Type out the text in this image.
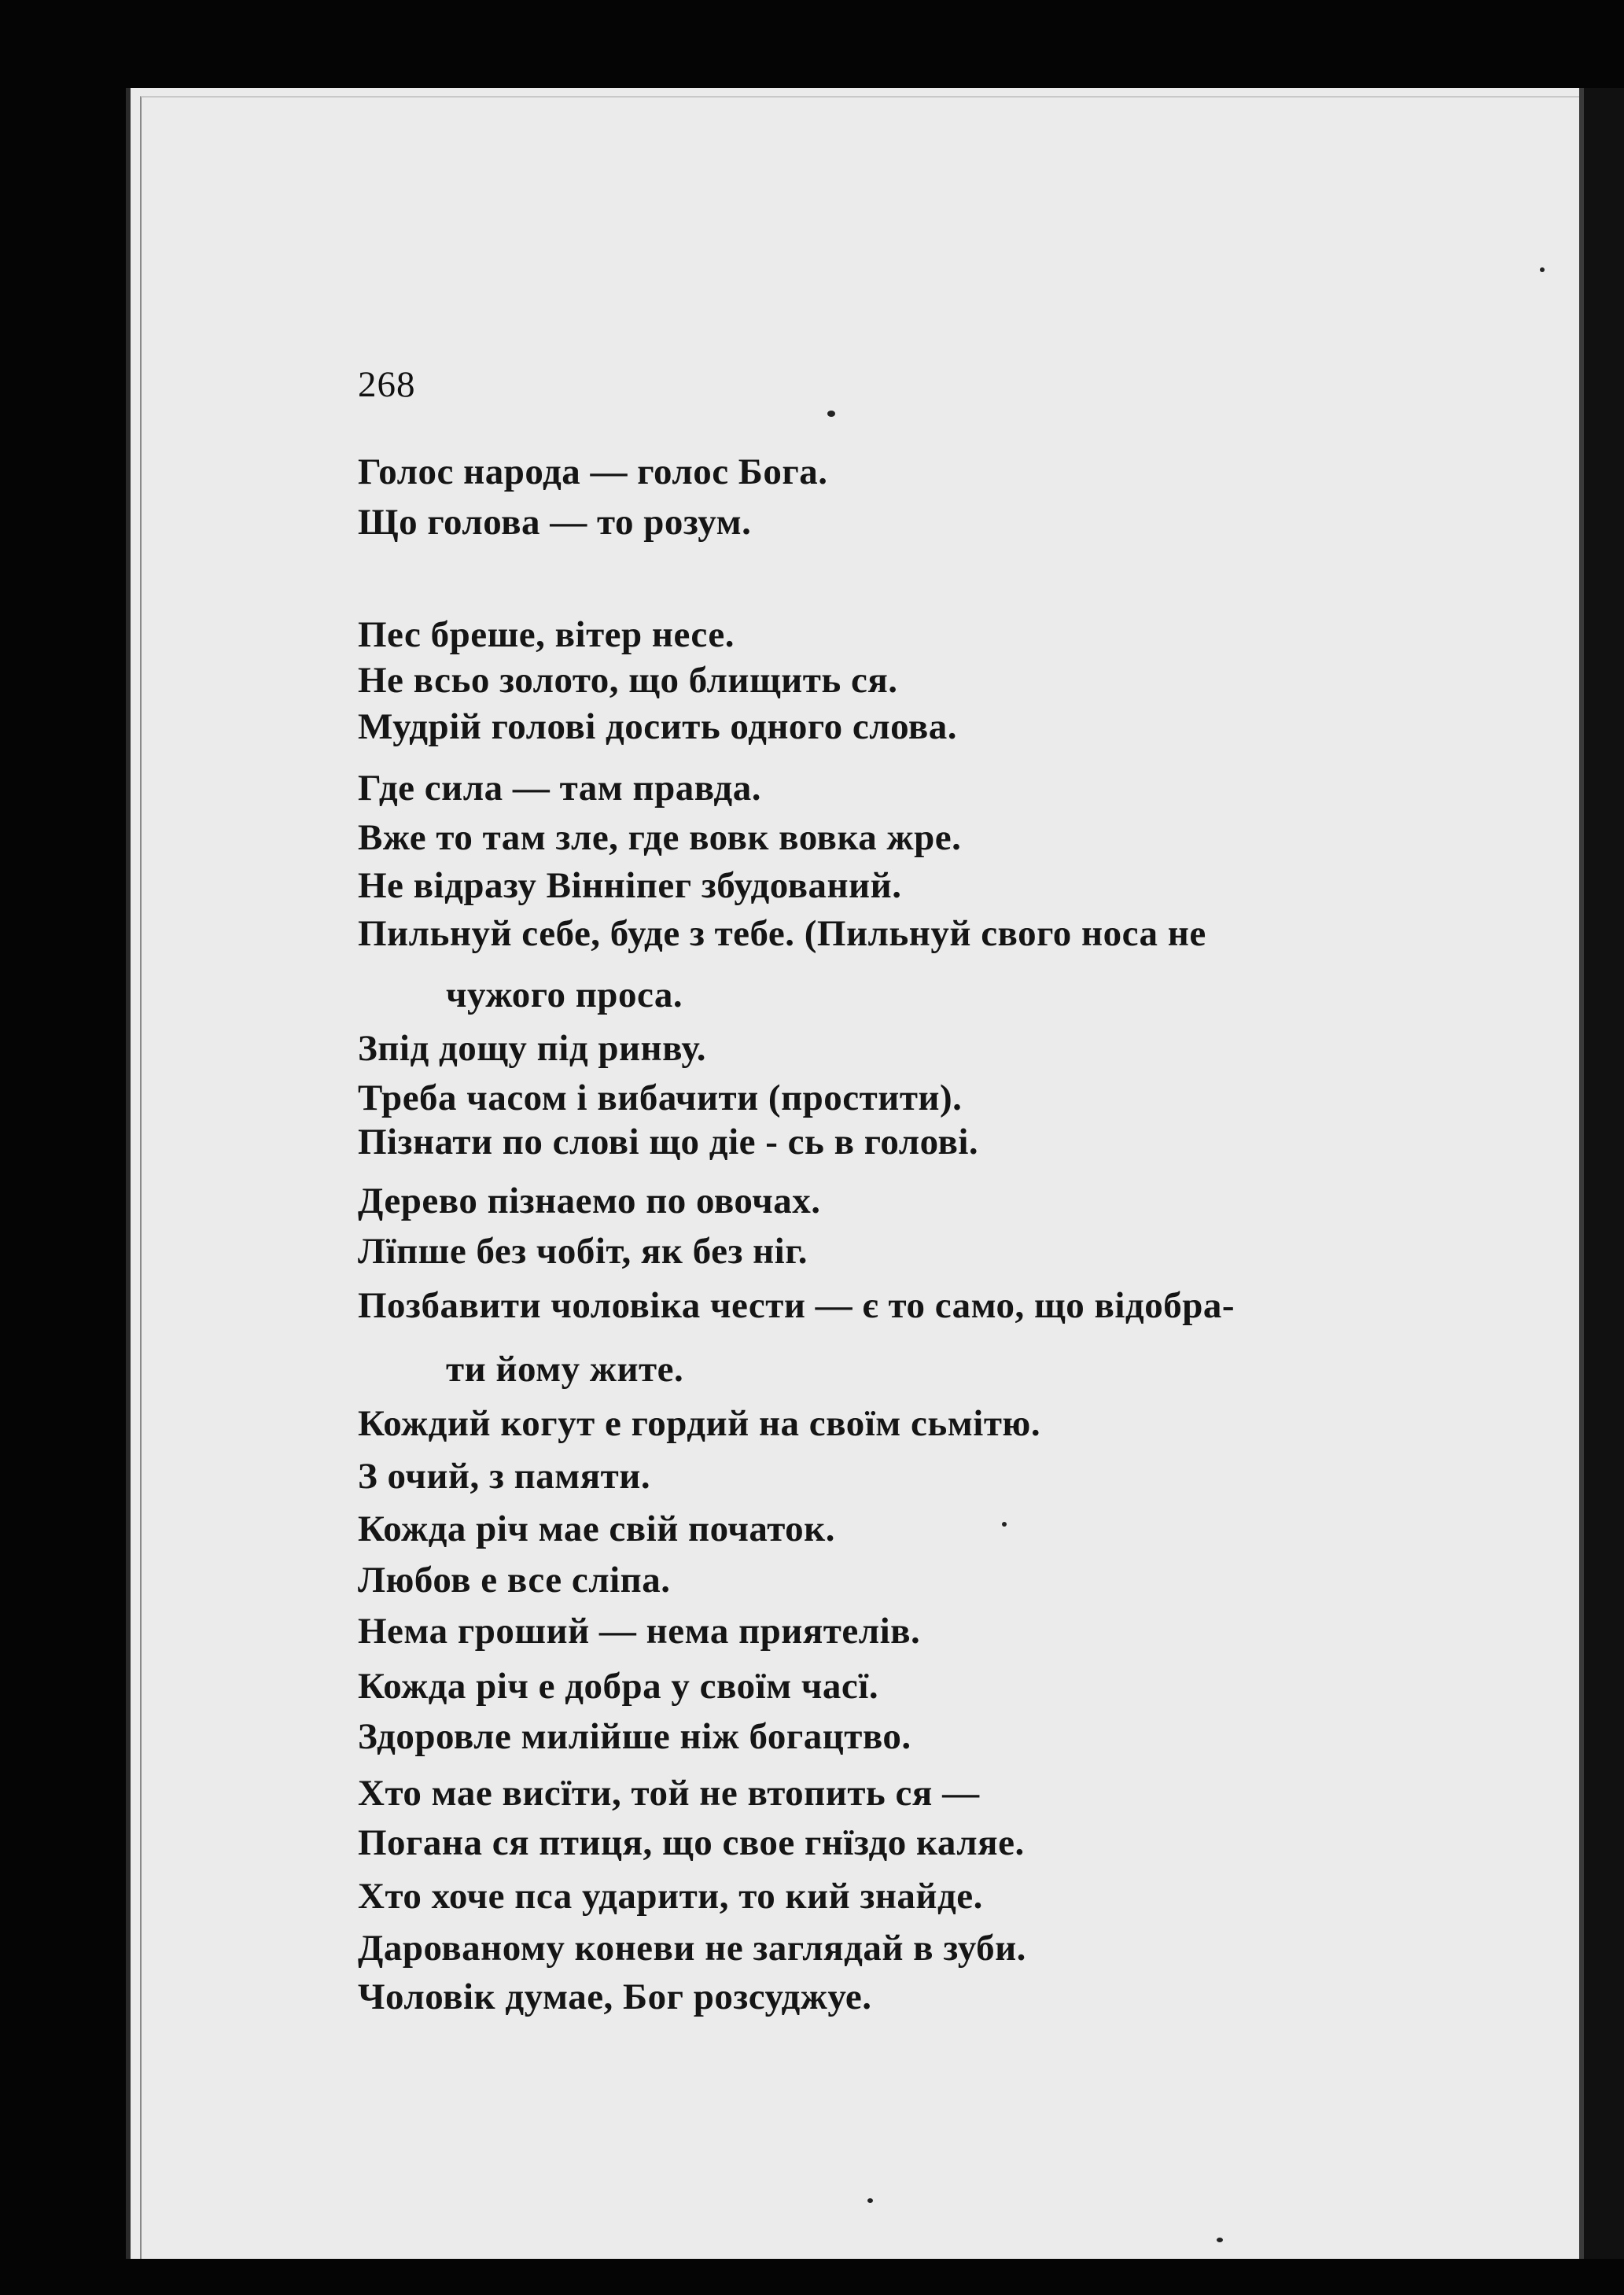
268
Голос народа — голос Бога.
Що голова — то розум.
Пес бреше, вітер несе.
Не всьо золото, що блищить ся.
Мудрій голові досить одного слова.
Где сила — там правда.
Вже то там зле, где вовк вовка жре.
Не відразу Вінніпег збудований.
Пильнуй себе, буде з тебе. (Пильнуй свого носа не
чужого проса.
Зпід дощу під ринву.
Треба часом і вибачити (простити).
Пізнати по слові що діе - сь в голові.
Дерево пізнаемо по овочах.
Лїпше без чобіт, як без ніг.
Позбавити чоловіка чести — є то само, що відобра-
ти йому жите.
Кождий когут е гордий на своїм сьмітю.
З очий, з памяти.
Кожда річ мае свій початок.
Любов е все сліпа.
Нема гроший — нема приятелів.
Кожда річ е добра у своїм часї.
Здоровле милійше ніж богацтво.
Хто мае висїти, той не втопить ся —
Погана ся птиця, що свое гнїздо каляе.
Хто хоче пса ударити, то кий знайде.
Дарованому коневи не заглядай в зуби.
Чоловік думае, Бог розсуджуе.
